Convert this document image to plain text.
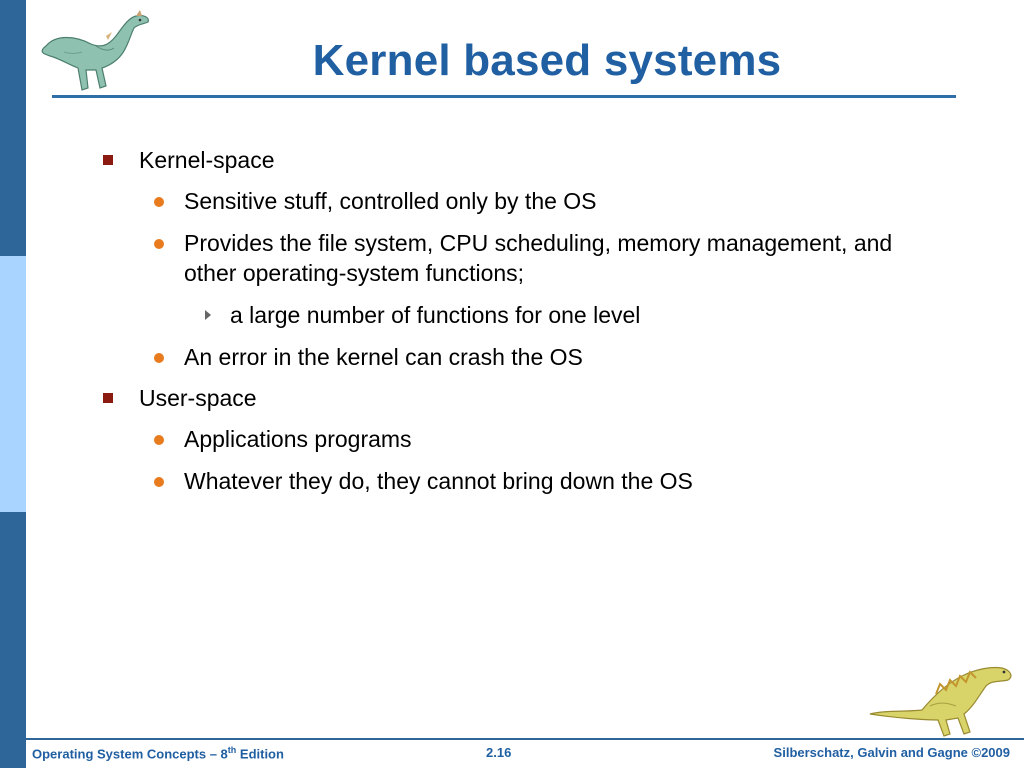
Kernel based systems
Kernel-space
Sensitive stuff, controlled only by the OS
Provides the file system, CPU scheduling, memory management, and
other operating-system functions;
a large number of functions for one level
An error in the kernel can crash the OS
User-space
Applications programs
Whatever they do, they cannot bring down the OS
Operating System Concepts – 8th Edition	2.16	Silberschatz, Galvin and Gagne ©2009
